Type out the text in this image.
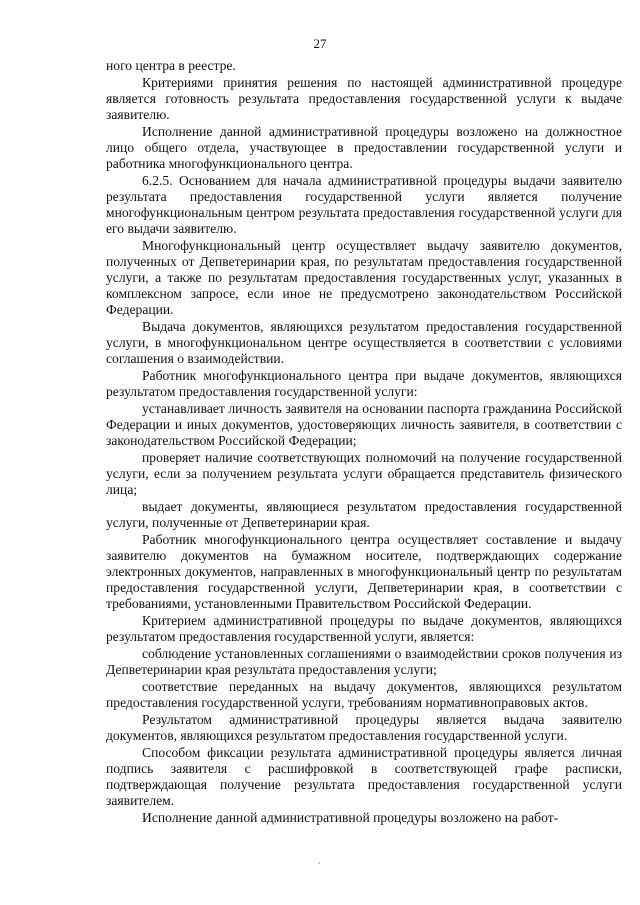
27

ного центра в реестре.

Критериями принятия решения по настоящей административной процедуре является готовность результата предоставления государственной услуги к выдаче заявителю.

Исполнение данной административной процедуры возложено на должностное лицо общего отдела, участвующее в предоставлении государственной услуги и работника многофункционального центра.

6.2.5. Основанием для начала административной процедуры выдачи заявителю результата предоставления государственной услуги является получение многофункциональным центром результата предоставления государственной услуги для его выдачи заявителю.

Многофункциональный центр осуществляет выдачу заявителю документов, полученных от Депветеринарии края, по результатам предоставления государственной услуги, а также по результатам предоставления государственных услуг, указанных в комплексном запросе, если иное не предусмотрено законодательством Российской Федерации.

Выдача документов, являющихся результатом предоставления государственной услуги, в многофункциональном центре осуществляется в соответствии с условиями соглашения о взаимодействии.

Работник многофункционального центра при выдаче документов, являющихся результатом предоставления государственной услуги:

устанавливает личность заявителя на основании паспорта гражданина Российской Федерации и иных документов, удостоверяющих личность заявителя, в соответствии с законодательством Российской Федерации;

проверяет наличие соответствующих полномочий на получение государственной услуги, если за получением результата услуги обращается представитель физического лица;

выдает документы, являющиеся результатом предоставления государственной услуги, полученные от Депветеринарии края.

Работник многофункционального центра осуществляет составление и выдачу заявителю документов на бумажном носителе, подтверждающих содержание электронных документов, направленных в многофункциональный центр по результатам предоставления государственной услуги, Депветеринарии края, в соответствии с требованиями, установленными Правительством Российской Федерации.

Критерием административной процедуры по выдаче документов, являющихся результатом предоставления государственной услуги, является:

соблюдение установленных соглашениями о взаимодействии сроков получения из Депветеринарии края результата предоставления услуги;

соответствие переданных на выдачу документов, являющихся результатом предоставления государственной услуги, требованиям нормативноправовых актов.

Результатом административной процедуры является выдача заявителю документов, являющихся результатом предоставления государственной услуги.

Способом фиксации результата административной процедуры является личная подпись заявителя с расшифровкой в соответствующей графе расписки, подтверждающая получение результата предоставления государственной услуги заявителем.

Исполнение данной административной процедуры возложено на работ-
